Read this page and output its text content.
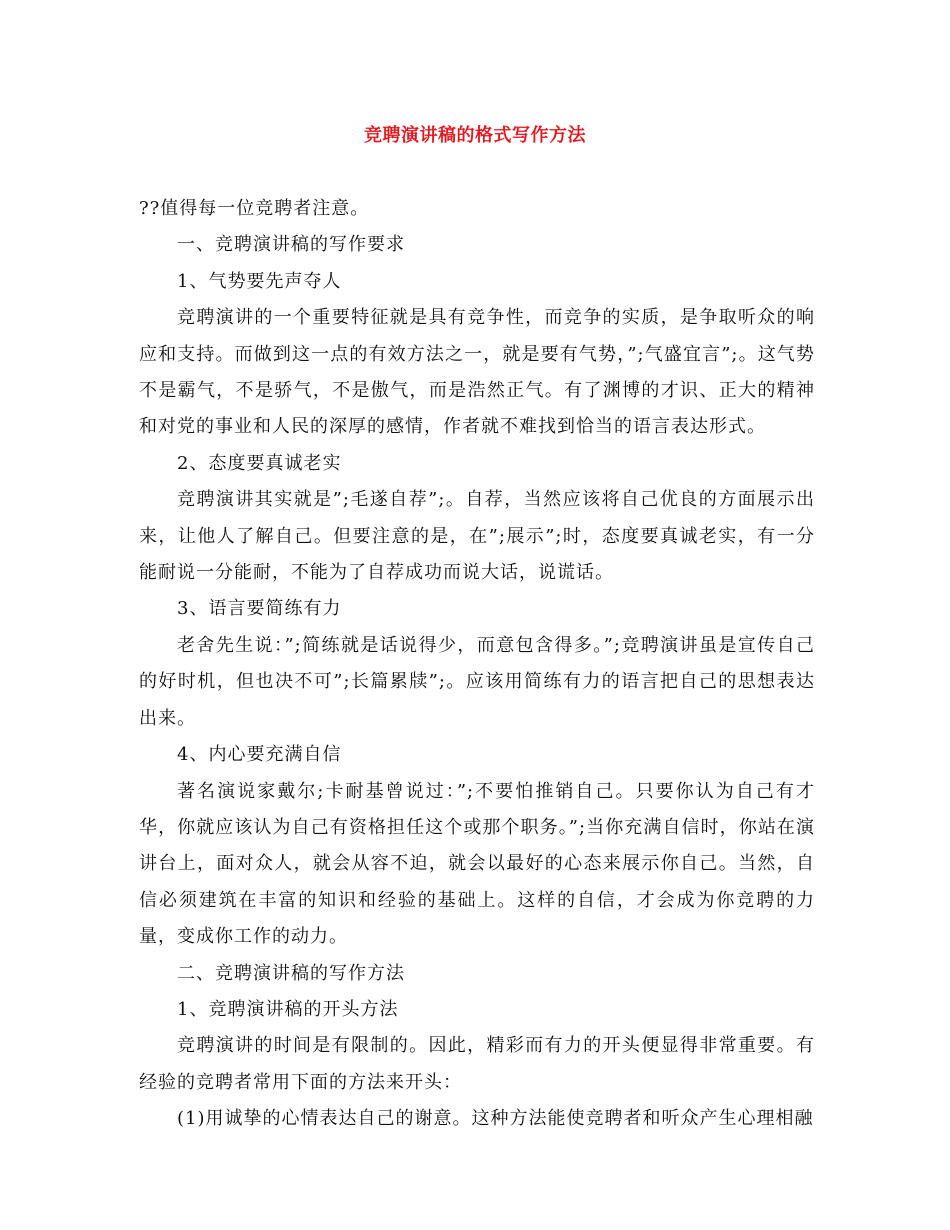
竞聘演讲稿的格式写作方法

??值得每一位竞聘者注意。

一、竞聘演讲稿的写作要求

1、气势要先声夺人

竞聘演讲的一个重要特征就是具有竞争性，而竞争的实质，是争取听众的响应和支持。而做到这一点的有效方法之一，就是要有气势，”;气盛宜言”;。这气势不是霸气，不是骄气，不是傲气，而是浩然正气。有了渊博的才识、正大的精神和对党的事业和人民的深厚的感情，作者就不难找到恰当的语言表达形式。

2、态度要真诚老实

竞聘演讲其实就是”;毛遂自荐”;。自荐，当然应该将自己优良的方面展示出来，让他人了解自己。但要注意的是，在”;展示”;时，态度要真诚老实，有一分能耐说一分能耐，不能为了自荐成功而说大话，说谎话。

3、语言要简练有力

老舍先生说：”;简练就是话说得少，而意包含得多。”;竞聘演讲虽是宣传自己的好时机，但也决不可”;长篇累牍”;。应该用简练有力的语言把自己的思想表达出来。

4、内心要充满自信

著名演说家戴尔;卡耐基曾说过：”;不要怕推销自己。只要你认为自己有才华，你就应该认为自己有资格担任这个或那个职务。”;当你充满自信时，你站在演讲台上，面对众人，就会从容不迫，就会以最好的心态来展示你自己。当然，自信必须建筑在丰富的知识和经验的基础上。这样的自信，才会成为你竞聘的力量，变成你工作的动力。

二、竞聘演讲稿的写作方法

1、竞聘演讲稿的开头方法

竞聘演讲的时间是有限制的。因此，精彩而有力的开头便显得非常重要。有经验的竞聘者常用下面的方法来开头：

(1)用诚挚的心情表达自己的谢意。这种方法能使竞聘者和听众产生心理相融
